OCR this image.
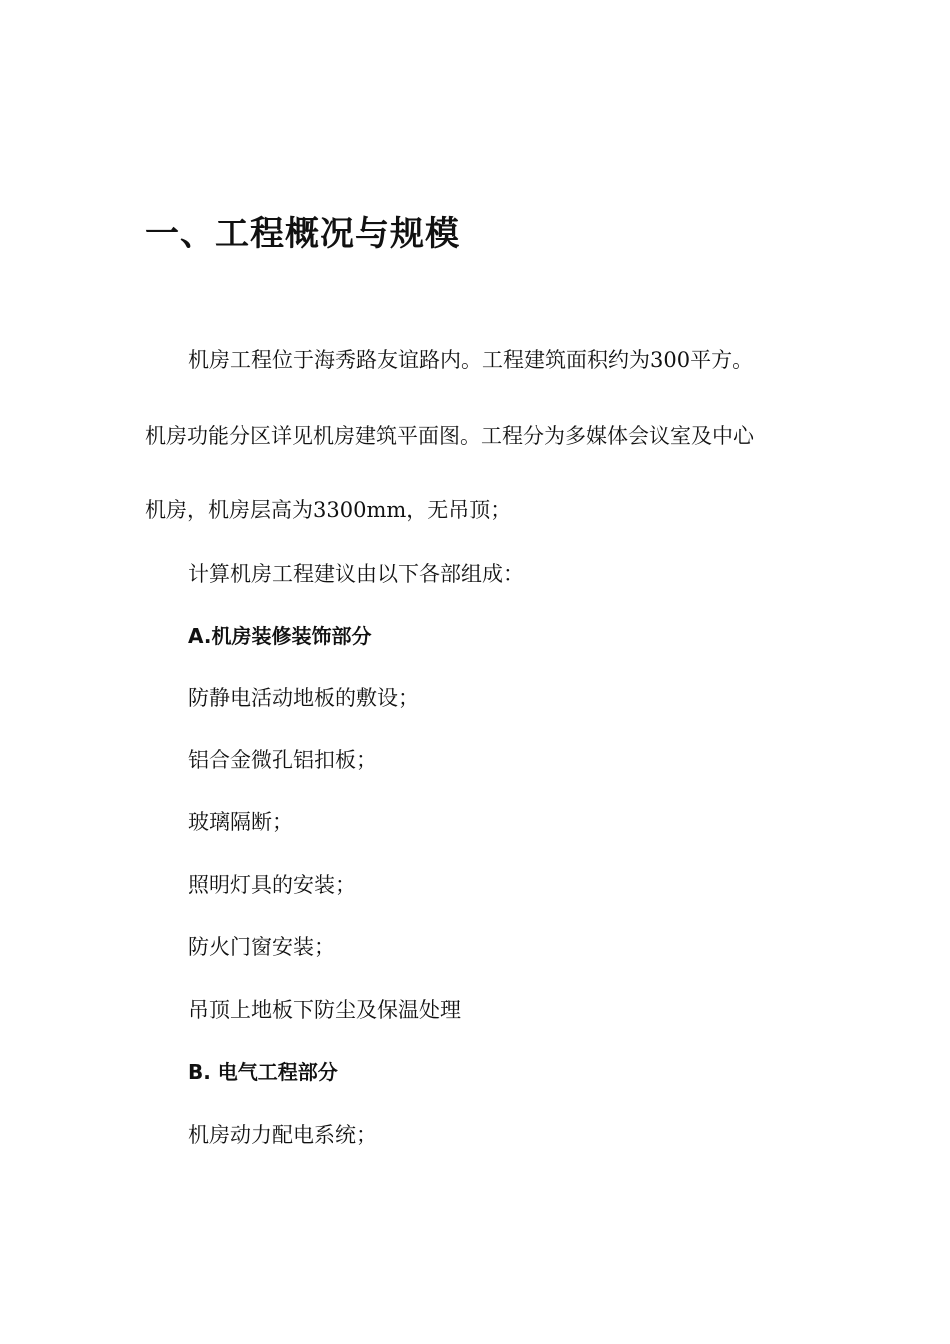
一、工程概况与规模
机房工程位于海秀路友谊路内。工程建筑面积约为300平方。
机房功能分区详见机房建筑平面图。工程分为多媒体会议室及中心
机房，机房层高为3300mm，无吊顶；
计算机房工程建议由以下各部组成：
A.机房装修装饰部分
防静电活动地板的敷设；
铝合金微孔铝扣板；
玻璃隔断；
照明灯具的安装；
防火门窗安装；
吊顶上地板下防尘及保温处理
B. 电气工程部分
机房动力配电系统；
